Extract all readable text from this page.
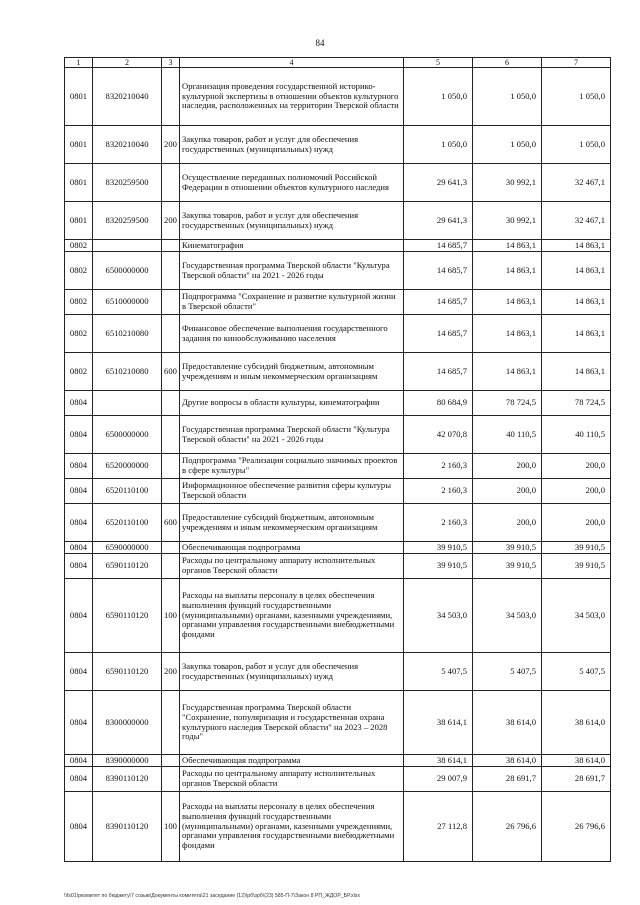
84
1	2	3	4	5	6	7
0801	8320210040		Организация проведения государственной историко-культурной экспертизы в отношении объектов культурного наследия, расположенных на территории Тверской области	1 050,0	1 050,0	1 050,0
0801	8320210040	200	Закупка товаров, работ и услуг для обеспечения государственных (муниципальных) нужд	1 050,0	1 050,0	1 050,0
0801	8320259500		Осуществление переданных полномочий Российской Федерации в отношении объектов культурного наследия	29 641,3	30 992,1	32 467,1
0801	8320259500	200	Закупка товаров, работ и услуг для обеспечения государственных (муниципальных) нужд	29 641,3	30 992,1	32 467,1
0802			Кинематография	14 685,7	14 863,1	14 863,1
0802	6500000000		Государственная программа Тверской области "Культура Тверской области" на 2021 - 2026 годы	14 685,7	14 863,1	14 863,1
0802	6510000000		Подпрограмма "Сохранение и развитие культурной жизни в Тверской области"	14 685,7	14 863,1	14 863,1
0802	6510210080		Финансовое обеспечение выполнения государственного задания по кинообслуживанию населения	14 685,7	14 863,1	14 863,1
0802	6510210080	600	Предоставление субсидий бюджетным, автономным учреждениям и иным некоммерческим организациям	14 685,7	14 863,1	14 863,1
0804			Другие вопросы в области культуры, кинематографии	80 684,9	78 724,5	78 724,5
0804	6500000000		Государственная программа Тверской области "Культура Тверской области" на 2021 - 2026 годы	42 070,8	40 110,5	40 110,5
0804	6520000000		Подпрограмма "Реализация социально значимых проектов в сфере культуры"	2 160,3	200,0	200,0
0804	6520110100		Информационное обеспечение развития сферы культуры Тверской области	2 160,3	200,0	200,0
0804	6520110100	600	Предоставление субсидий бюджетным, автономным учреждениям и иным некоммерческим организациям	2 160,3	200,0	200,0
0804	6590000000		Обеспечивающая подпрограмма	39 910,5	39 910,5	39 910,5
0804	6590110120		Расходы по центральному аппарату исполнительных органов Тверской области	39 910,5	39 910,5	39 910,5
0804	6590110120	100	Расходы на выплаты персоналу в целях обеспечения выполнения функций государственными (муниципальными) органами, казенными учреждениями, органами управления государственными внебюджетными фондами	34 503,0	34 503,0	34 503,0
0804	6590110120	200	Закупка товаров, работ и услуг для обеспечения государственных (муниципальных) нужд	5 407,5	5 407,5	5 407,5
0804	8300000000		Государственная программа Тверской области "Сохранение, популяризация и государственная охрана культурного наследия Тверской области" на 2023 – 2028 годы"	38 614,1	38 614,0	38 614,0
0804	8390000000		Обеспечивающая подпрограмма	38 614,1	38 614,0	38 614,0
0804	8390110120		Расходы по центральному аппарату исполнительных органов Тверской области	29 007,9	28 691,7	28 691,7
0804	8390110120	100	Расходы на выплаты персоналу в целях обеспечения выполнения функций государственными (муниципальными) органами, казенными учреждениями, органами управления государственными внебюджетными фондами	27 112,8	26 796,6	26 796,6
\\fs01\ркомитет по бюджету\7 созыв\Документы комитета\21 заседание (12)\рб\зрб\(23) 585-П-7\Закон 8 РП_ЖДОР_БР.xlsx
